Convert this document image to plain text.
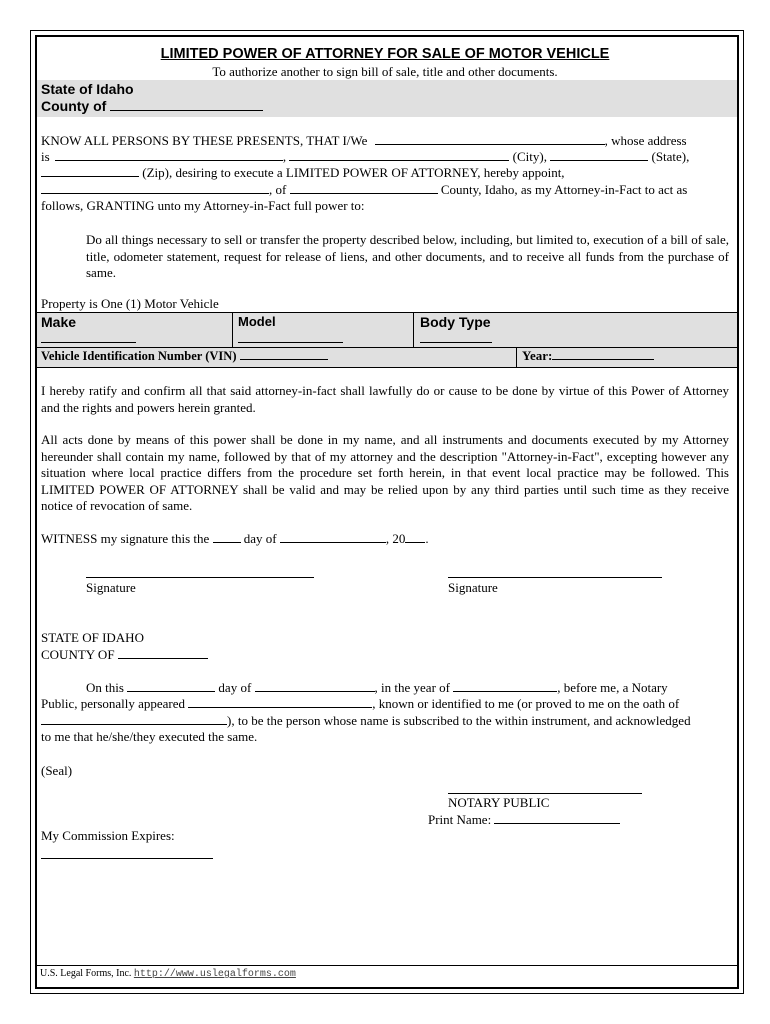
LIMITED POWER OF ATTORNEY FOR SALE OF MOTOR VEHICLE
To authorize another to sign bill of sale, title and other documents.
State of Idaho
County of
KNOW ALL PERSONS BY THESE PRESENTS, THAT I/We	, whose address
is	,	(City),	(State),
(Zip), desiring to execute a LIMITED POWER OF ATTORNEY, hereby appoint,
, of	County, Idaho, as my Attorney-in-Fact to act as
follows, GRANTING unto my Attorney-in-Fact full power to:
Do all things necessary to sell or transfer the property described below, including, but limited to, execution of a bill of sale, title, odometer statement, request for release of liens, and other documents, and to receive all funds from the purchase of same.
Property is One (1) Motor Vehicle
Make	Model	Body Type
Vehicle Identification Number (VIN)	Year:
I hereby ratify and confirm all that said attorney-in-fact shall lawfully do or cause to be done by virtue of this Power of Attorney and the rights and powers herein granted.
All acts done by means of this power shall be done in my name, and all instruments and documents executed by my Attorney hereunder shall contain my name, followed by that of my attorney and the description "Attorney-in-Fact", excepting however any situation where local practice differs from the procedure set forth herein, in that event local practice may be followed. This LIMITED POWER OF ATTORNEY shall be valid and may be relied upon by any third parties until such time as they receive notice of revocation of same.
WITNESS my signature this the	day of	, 20 .
Signature	Signature
STATE OF IDAHO
COUNTY OF
On this	day of	, in the year of	, before me, a Notary
Public, personally appeared	, known or identified to me (or proved to me on the oath of
), to be the person whose name is subscribed to the within instrument, and acknowledged
to me that he/she/they executed the same.
(Seal)
NOTARY PUBLIC
Print Name:
My Commission Expires:
U.S. Legal Forms, Inc. http://www.uslegalforms.com
